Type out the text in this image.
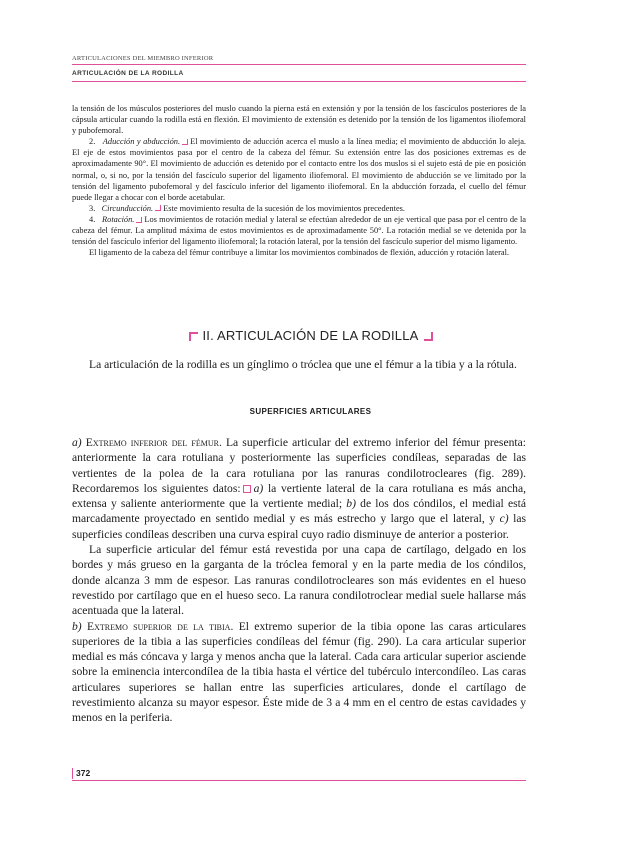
ARTICULACIONES DEL MIEMBRO INFERIOR
ARTICULACIÓN DE LA RODILLA

la tensión de los músculos posteriores del muslo cuando la pierna está en extensión y por la tensión de los fascículos posteriores de la cápsula articular cuando la rodilla está en flexión. El movimiento de extensión es detenido por la tensión de los ligamentos iliofemoral y pubofemoral.

2. Aducción y abducción. El movimiento de aducción acerca el muslo a la línea media; el movimiento de abducción lo aleja. El eje de estos movimientos pasa por el centro de la cabeza del fémur. Su extensión entre las dos posiciones extremas es de aproximadamente 90°. El movimiento de aducción es detenido por el contacto entre los dos muslos si el sujeto está de pie en posición normal, o, si no, por la tensión del fascículo superior del ligamento iliofemoral. El movimiento de abducción se ve limitado por la tensión del ligamento pubofemoral y del fascículo inferior del ligamento iliofemoral. En la abducción forzada, el cuello del fémur puede llegar a chocar con el borde acetabular.

3. Circunducción. Este movimiento resulta de la sucesión de los movimientos precedentes.

4. Rotación. Los movimientos de rotación medial y lateral se efectúan alrededor de un eje vertical que pasa por el centro de la cabeza del fémur. La amplitud máxima de estos movimientos es de aproximadamente 50°. La rotación medial se ve detenida por la tensión del fascículo inferior del ligamento iliofemoral; la rotación lateral, por la tensión del fascículo superior del mismo ligamento.

El ligamento de la cabeza del fémur contribuye a limitar los movimientos combinados de flexión, aducción y rotación lateral.

II. ARTICULACIÓN DE LA RODILLA

La articulación de la rodilla es un gínglimo o tróclea que une el fémur a la tibia y a la rótula.

SUPERFICIES ARTICULARES

a) Extremo inferior del fémur. La superficie articular del extremo inferior del fémur presenta: anteriormente la cara rotuliana y posteriormente las superficies condíleas, separadas de las vertientes de la polea de la cara rotuliana por las ranuras condilotrocleares (fig. 289). Recordaremos los siguientes datos: a) la vertiente lateral de la cara rotuliana es más ancha, extensa y saliente anteriormente que la vertiente medial; b) de los dos cóndilos, el medial está marcadamente proyectado en sentido medial y es más estrecho y largo que el lateral, y c) las superficies condíleas describen una curva espiral cuyo radio disminuye de anterior a posterior.

La superficie articular del fémur está revestida por una capa de cartílago, delgado en los bordes y más grueso en la garganta de la tróclea femoral y en la parte media de los cóndilos, donde alcanza 3 mm de espesor. Las ranuras condilotrocleares son más evidentes en el hueso revestido por cartílago que en el hueso seco. La ranura condilotroclear medial suele hallarse más acentuada que la lateral.

b) Extremo superior de la tibia. El extremo superior de la tibia opone las caras articulares superiores de la tibia a las superficies condíleas del fémur (fig. 290). La cara articular superior medial es más cóncava y larga y menos ancha que la lateral. Cada cara articular superior asciende sobre la eminencia intercondílea de la tibia hasta el vértice del tubérculo intercondíleo. Las caras articulares superiores se hallan entre las superficies articulares, donde el cartílago de revestimiento alcanza su mayor espesor. Éste mide de 3 a 4 mm en el centro de estas cavidades y menos en la periferia.

372
